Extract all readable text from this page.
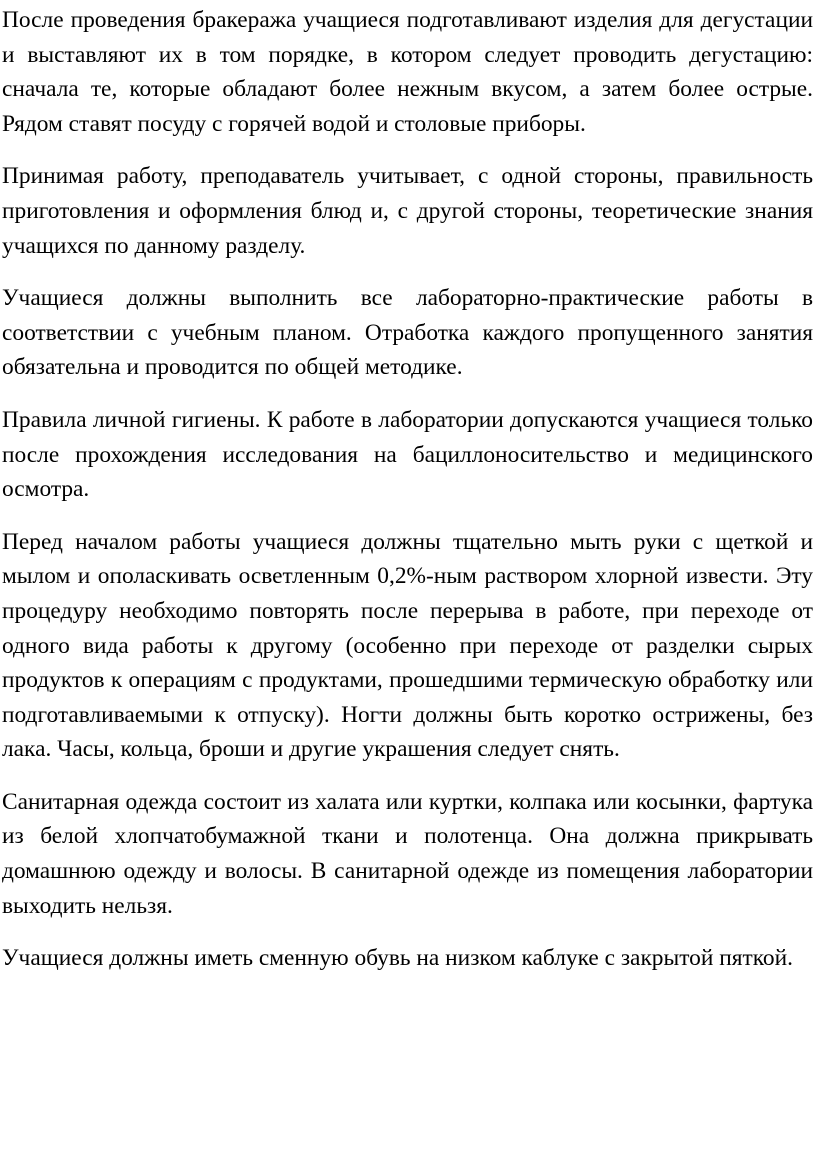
После проведения бракеража учащиеся подготавливают изделия для дегустации и выставляют их в том порядке, в котором следует проводить дегустацию: сначала те, которые обладают более нежным вкусом, а затем более острые. Рядом ставят посуду с горячей водой и столовые приборы.

Принимая работу, преподаватель учитывает, с одной стороны, правильность приготовления и оформления блюд и, с другой стороны, теоретические знания учащихся по данному разделу.

Учащиеся должны выполнить все лабораторно-практические работы в соответствии с учебным планом. Отработка каждого пропущенного занятия обязательна и проводится по общей методике.

Правила личной гигиены. К работе в лаборатории допускаются учащиеся только после прохождения исследования на бациллоносительство и медицинского осмотра.

Перед началом работы учащиеся должны тщательно мыть руки с щеткой и мылом и ополаскивать осветленным 0,2%-ным раствором хлорной извести. Эту процедуру необходимо повторять после перерыва в работе, при переходе от одного вида работы к другому (особенно при переходе от разделки сырых продуктов к операциям с продуктами, прошедшими термическую обработку или подготавливаемыми к отпуску). Ногти должны быть коротко острижены, без лака. Часы, кольца, броши и другие украшения следует снять.

Санитарная одежда состоит из халата или куртки, колпака или косынки, фартука из белой хлопчатобумажной ткани и полотенца. Она должна прикрывать домашнюю одежду и волосы. В санитарной одежде из помещения лаборатории выходить нельзя.

Учащиеся должны иметь сменную обувь на низком каблуке с закрытой пяткой.
